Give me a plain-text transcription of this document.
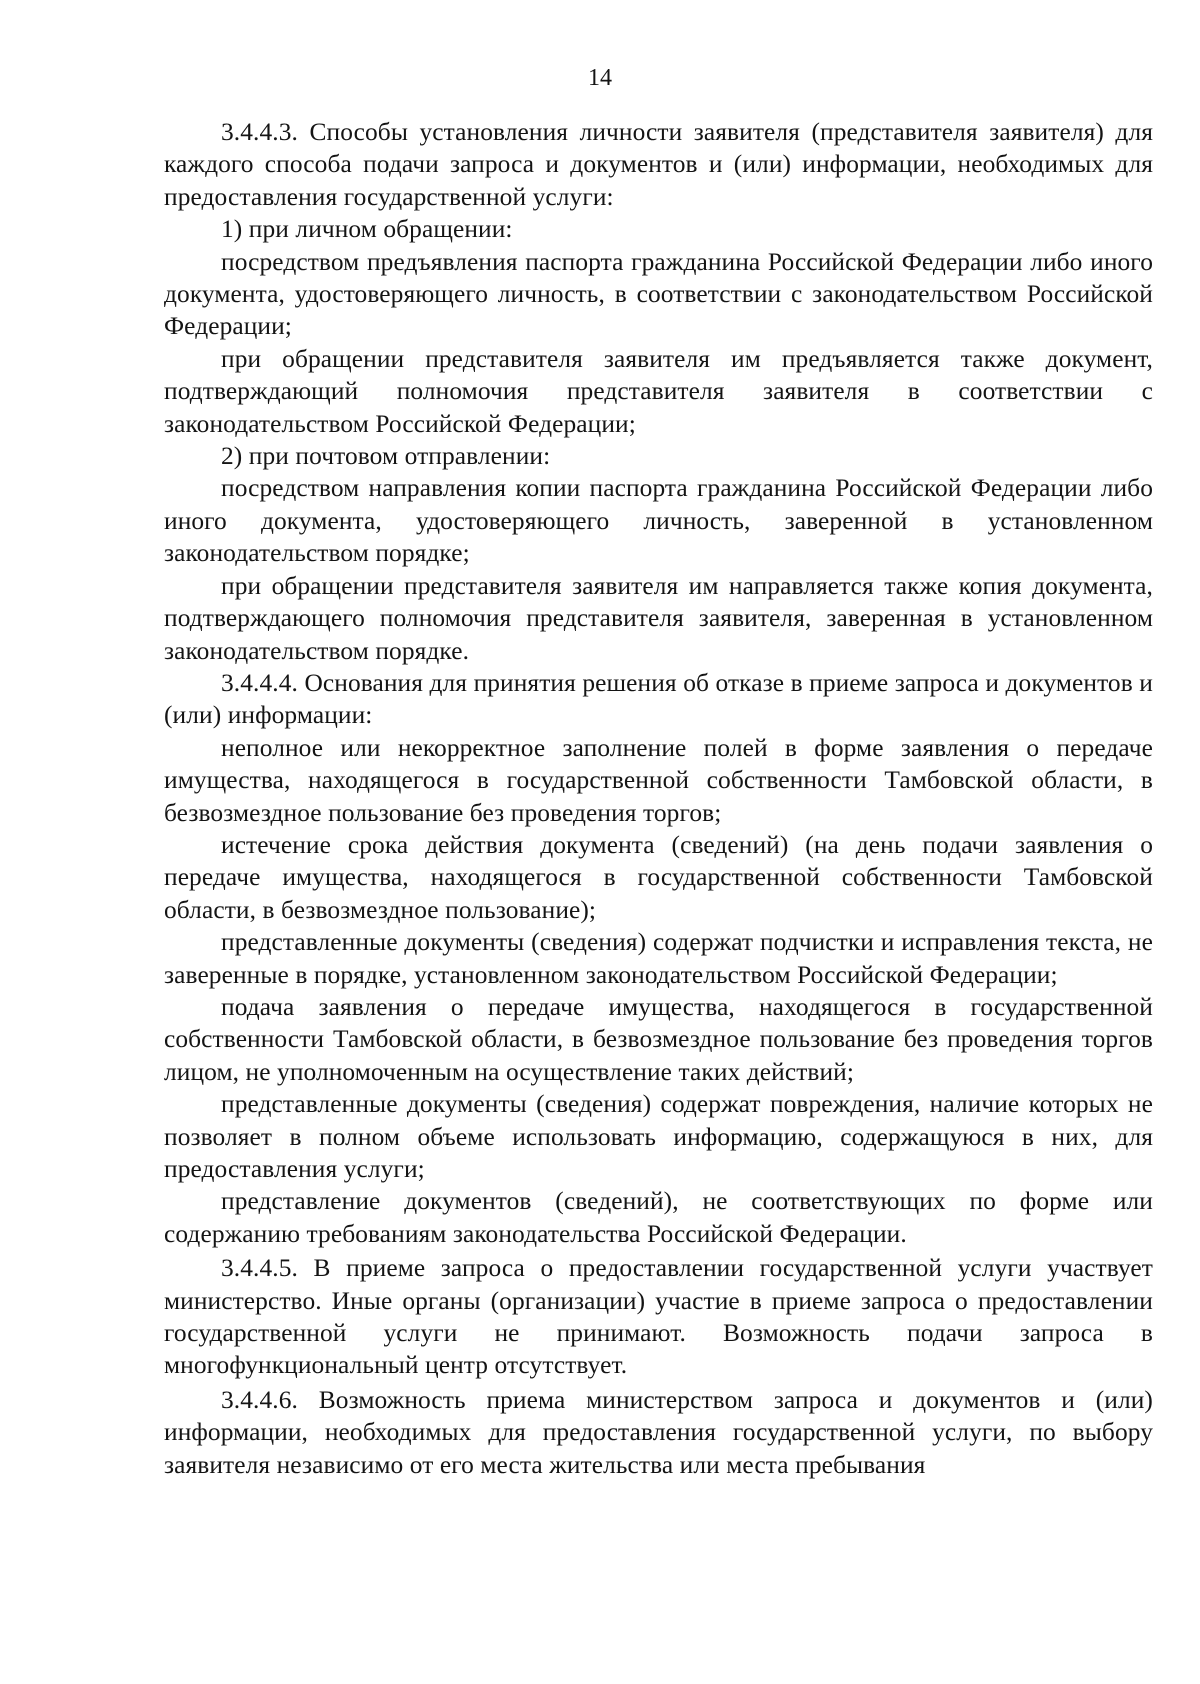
14

3.4.4.3. Способы установления личности заявителя (представителя заявителя) для каждого способа подачи запроса и документов и (или) информации, необходимых для предоставления государственной услуги:

1) при личном обращении:

посредством предъявления паспорта гражданина Российской Федерации либо иного документа, удостоверяющего личность, в соответствии с законодательством Российской Федерации;

при обращении представителя заявителя им предъявляется также документ, подтверждающий полномочия представителя заявителя в соответствии с законодательством Российской Федерации;

2) при почтовом отправлении:

посредством направления копии паспорта гражданина Российской Федерации либо иного документа, удостоверяющего личность, заверенной в установленном законодательством порядке;

при обращении представителя заявителя им направляется также копия документа, подтверждающего полномочия представителя заявителя, заверенная в установленном законодательством порядке.

3.4.4.4. Основания для принятия решения об отказе в приеме запроса и документов и (или) информации:

неполное или некорректное заполнение полей в форме заявления о передаче имущества, находящегося в государственной собственности Тамбовской области, в безвозмездное пользование без проведения торгов;

истечение срока действия документа (сведений) (на день подачи заявления о передаче имущества, находящегося в государственной собственности Тамбовской области, в безвозмездное пользование);

представленные документы (сведения) содержат подчистки и исправления текста, не заверенные в порядке, установленном законодательством Российской Федерации;

подача заявления о передаче имущества, находящегося в государственной собственности Тамбовской области, в безвозмездное пользование без проведения торгов лицом, не уполномоченным на осуществление таких действий;

представленные документы (сведения) содержат повреждения, наличие которых не позволяет в полном объеме использовать информацию, содержащуюся в них, для предоставления услуги;

представление документов (сведений), не соответствующих по форме или содержанию требованиям законодательства Российской Федерации.

3.4.4.5. В приеме запроса о предоставлении государственной услуги участвует министерство. Иные органы (организации) участие в приеме запроса о предоставлении государственной услуги не принимают. Возможность подачи запроса в многофункциональный центр отсутствует.

3.4.4.6. Возможность приема министерством запроса и документов и (или) информации, необходимых для предоставления государственной услуги, по выбору заявителя независимо от его места жительства или места пребывания
